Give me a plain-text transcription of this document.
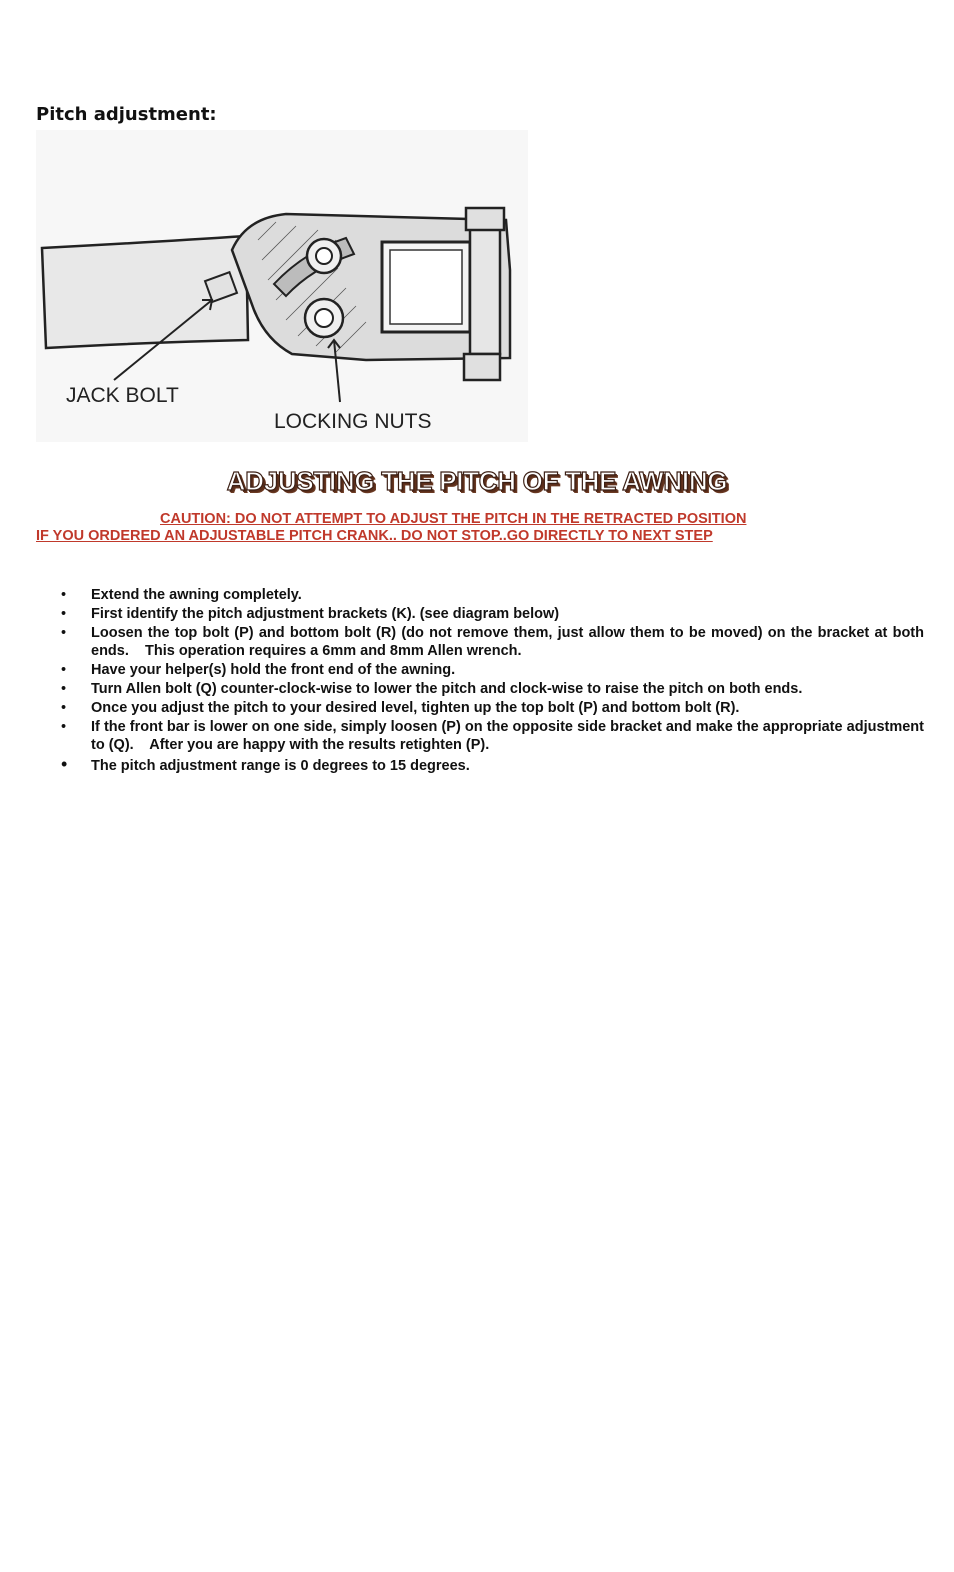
Pitch adjustment:
JACK BOLT
LOCKING NUTS
ADJUSTING THE PITCH OF THE AWNING
CAUTION: DO NOT ATTEMPT TO ADJUST THE PITCH IN THE RETRACTED POSITION
IF YOU ORDERED AN ADJUSTABLE PITCH CRANK.. DO NOT STOP..GO DIRECTLY TO NEXT STEP
• Extend the awning completely.
• First identify the pitch adjustment brackets (K). (see diagram below)
• Loosen the top bolt (P) and bottom bolt (R) (do not remove them, just allow them to be moved) on the bracket at both ends.    This operation requires a 6mm and 8mm Allen wrench.
• Have your helper(s) hold the front end of the awning.
• Turn Allen bolt (Q) counter-clock-wise to lower the pitch and clock-wise to raise the pitch on both ends.
• Once you adjust the pitch to your desired level, tighten up the top bolt (P) and bottom bolt (R).
• If the front bar is lower on one side, simply loosen (P) on the opposite side bracket and make the appropriate adjustment to (Q).    After you are happy with the results retighten (P).
• The pitch adjustment range is 0 degrees to 15 degrees.
